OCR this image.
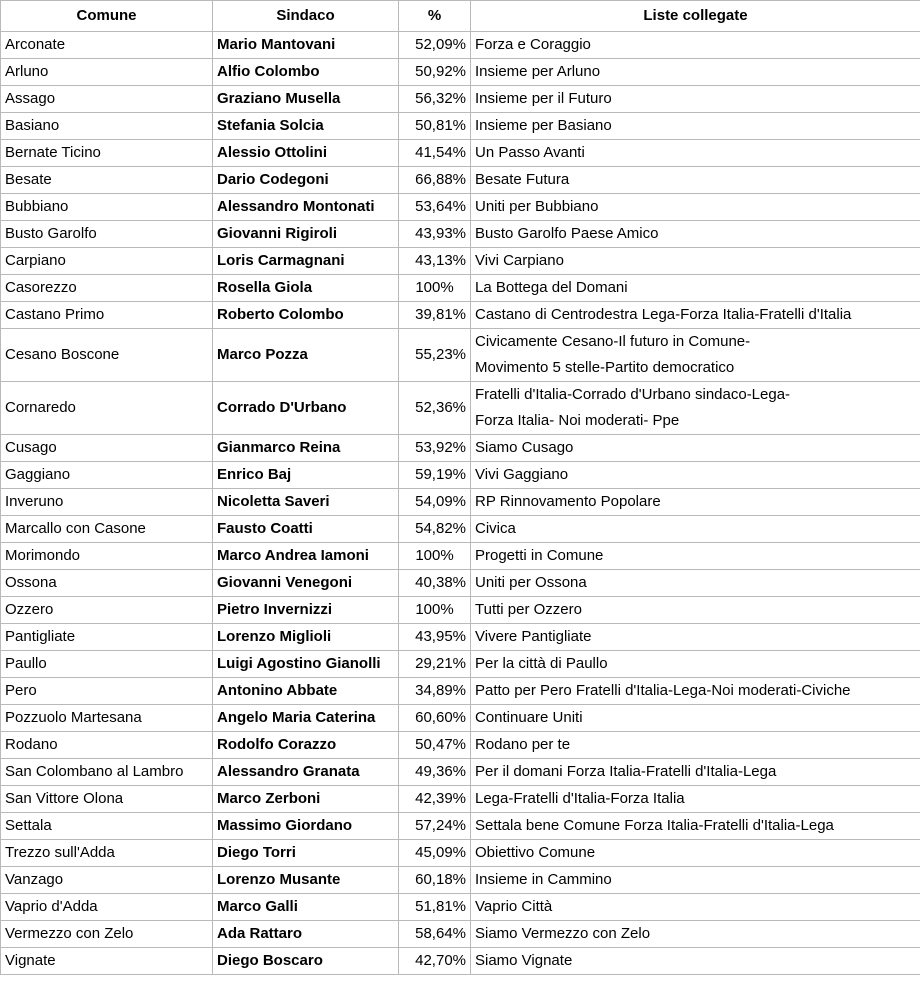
Comune	Sindaco	%	Liste collegate
Arconate	Mario Mantovani	52,09%	Forza e Coraggio

Arluno	Alfio Colombo	50,92%	Insieme per Arluno

Assago	Graziano Musella	56,32%	Insieme per il Futuro

Basiano	Stefania Solcia	50,81%	Insieme per Basiano

Bernate Ticino	Alessio Ottolini	41,54%	Un Passo Avanti

Besate	Dario Codegoni	66,88%	Besate Futura

Bubbiano	Alessandro Montonati	53,64%	Uniti per Bubbiano

Busto Garolfo	Giovanni Rigiroli	43,93%	Busto Garolfo Paese Amico

Carpiano	Loris Carmagnani	43,13%	Vivi Carpiano

Casorezzo	Rosella Giola	100%	La Bottega del Domani

Castano Primo	Roberto Colombo	39,81%	Castano di Centrodestra Lega-Forza Italia-Fratelli d'Italia

Cesano Boscone	Marco Pozza	55,23%	Civicamente Cesano-Il futuro in Comune-
Movimento 5 stelle-Partito democratico

Cornaredo	Corrado D'Urbano	52,36%	Fratelli d'Italia-Corrado d'Urbano sindaco-Lega-
Forza Italia- Noi moderati- Ppe

Cusago	Gianmarco Reina	53,92%	Siamo Cusago

Gaggiano	Enrico Baj	59,19%	Vivi Gaggiano

Inveruno	Nicoletta Saveri	54,09%	RP Rinnovamento Popolare

Marcallo con Casone	Fausto Coatti	54,82%	Civica

Morimondo	Marco Andrea Iamoni	100%	Progetti in Comune

Ossona	Giovanni Venegoni	40,38%	Uniti per Ossona

Ozzero	Pietro Invernizzi	100%	Tutti per Ozzero

Pantigliate	Lorenzo Miglioli	43,95%	Vivere Pantigliate

Paullo	Luigi Agostino Gianolli	29,21%	Per la città di Paullo

Pero	Antonino Abbate	34,89%	Patto per Pero Fratelli d'Italia-Lega-Noi moderati-Civiche

Pozzuolo Martesana	Angelo Maria Caterina	60,60%	Continuare Uniti

Rodano	Rodolfo Corazzo	50,47%	Rodano per te

San Colombano al Lambro	Alessandro Granata	49,36%	Per il domani Forza Italia-Fratelli d'Italia-Lega

San Vittore Olona	Marco Zerboni	42,39%	Lega-Fratelli d'Italia-Forza Italia

Settala	Massimo Giordano	57,24%	Settala bene Comune Forza Italia-Fratelli d'Italia-Lega

Trezzo sull'Adda	Diego Torri	45,09%	Obiettivo Comune

Vanzago	Lorenzo Musante	60,18%	Insieme in Cammino

Vaprio d'Adda	Marco Galli	51,81%	Vaprio Città

Vermezzo con Zelo	Ada Rattaro	58,64%	Siamo Vermezzo con Zelo

Vignate	Diego Boscaro	42,70%	Siamo Vignate
